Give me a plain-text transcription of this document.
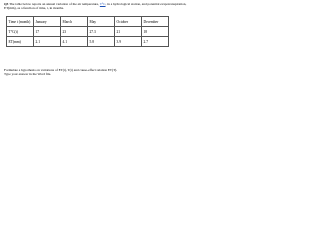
Q3 The table below reports an annual variation of the air temperature, T°C, in a hydrological station, and potential evapotranspiration, ET(mm), as a function of time, t, in months.
Time t (month)	January	March	May	October	December
T°C(t)	17	23	27.3	21	18
ET(mm)	2.1	4.1	5.8	3.9	2.7
Formulate a hypothesis on variations of ET(t), T(t) and cause-effect relation ET(T).
Type your answer in the Word file.
